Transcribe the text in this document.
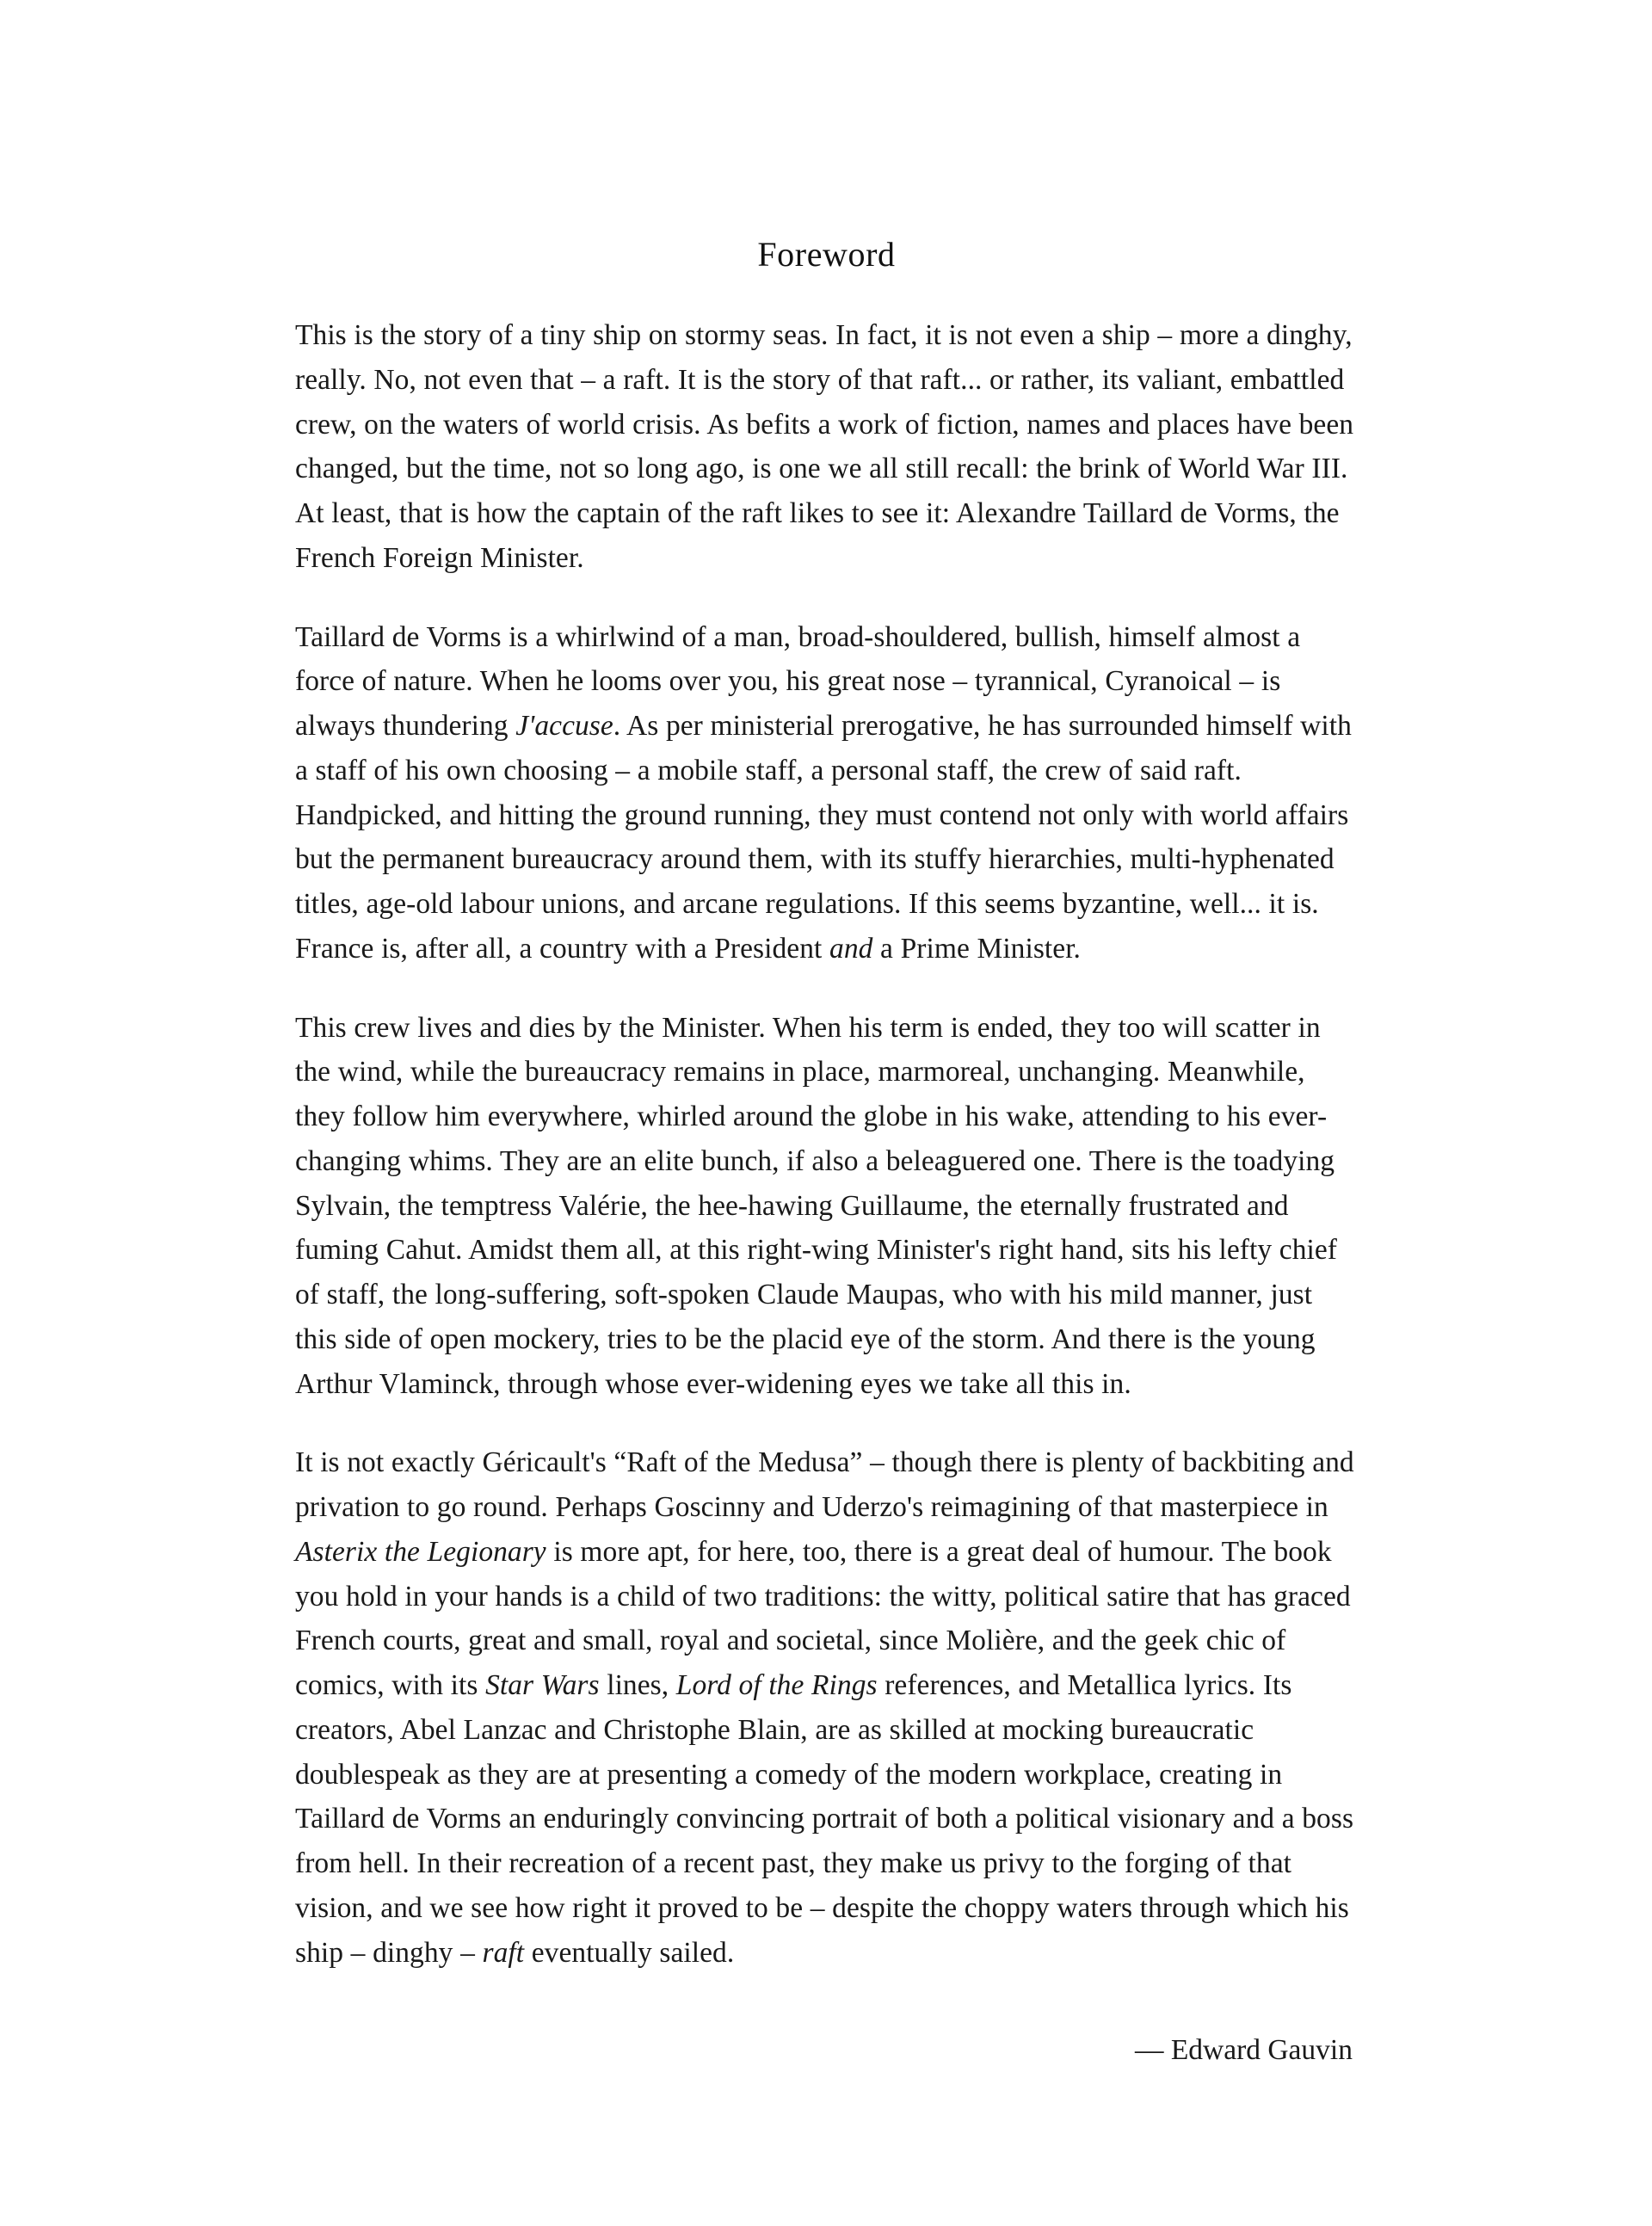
Foreword

This is the story of a tiny ship on stormy seas. In fact, it is not even a ship – more a dinghy, really. No, not even that – a raft. It is the story of that raft... or rather, its valiant, embattled crew, on the waters of world crisis. As befits a work of fiction, names and places have been changed, but the time, not so long ago, is one we all still recall: the brink of World War III. At least, that is how the captain of the raft likes to see it: Alexandre Taillard de Vorms, the French Foreign Minister.

Taillard de Vorms is a whirlwind of a man, broad-shouldered, bullish, himself almost a force of nature. When he looms over you, his great nose – tyrannical, Cyranoical – is always thundering J'accuse. As per ministerial prerogative, he has surrounded himself with a staff of his own choosing – a mobile staff, a personal staff, the crew of said raft. Handpicked, and hitting the ground running, they must contend not only with world affairs but the permanent bureaucracy around them, with its stuffy hierarchies, multi-hyphenated titles, age-old labour unions, and arcane regulations. If this seems byzantine, well... it is. France is, after all, a country with a President and a Prime Minister.

This crew lives and dies by the Minister. When his term is ended, they too will scatter in the wind, while the bureaucracy remains in place, marmoreal, unchanging. Meanwhile, they follow him everywhere, whirled around the globe in his wake, attending to his ever-changing whims. They are an elite bunch, if also a beleaguered one. There is the toadying Sylvain, the temptress Valérie, the hee-hawing Guillaume, the eternally frustrated and fuming Cahut. Amidst them all, at this right-wing Minister's right hand, sits his lefty chief of staff, the long-suffering, soft-spoken Claude Maupas, who with his mild manner, just this side of open mockery, tries to be the placid eye of the storm. And there is the young Arthur Vlaminck, through whose ever-widening eyes we take all this in.

It is not exactly Géricault's “Raft of the Medusa” – though there is plenty of backbiting and privation to go round. Perhaps Goscinny and Uderzo's reimagining of that masterpiece in Asterix the Legionary is more apt, for here, too, there is a great deal of humour. The book you hold in your hands is a child of two traditions: the witty, political satire that has graced French courts, great and small, royal and societal, since Molière, and the geek chic of comics, with its Star Wars lines, Lord of the Rings references, and Metallica lyrics. Its creators, Abel Lanzac and Christophe Blain, are as skilled at mocking bureaucratic doublespeak as they are at presenting a comedy of the modern workplace, creating in Taillard de Vorms an enduringly convincing portrait of both a political visionary and a boss from hell. In their recreation of a recent past, they make us privy to the forging of that vision, and we see how right it proved to be – despite the choppy waters through which his ship – dinghy – raft eventually sailed.

— Edward Gauvin
